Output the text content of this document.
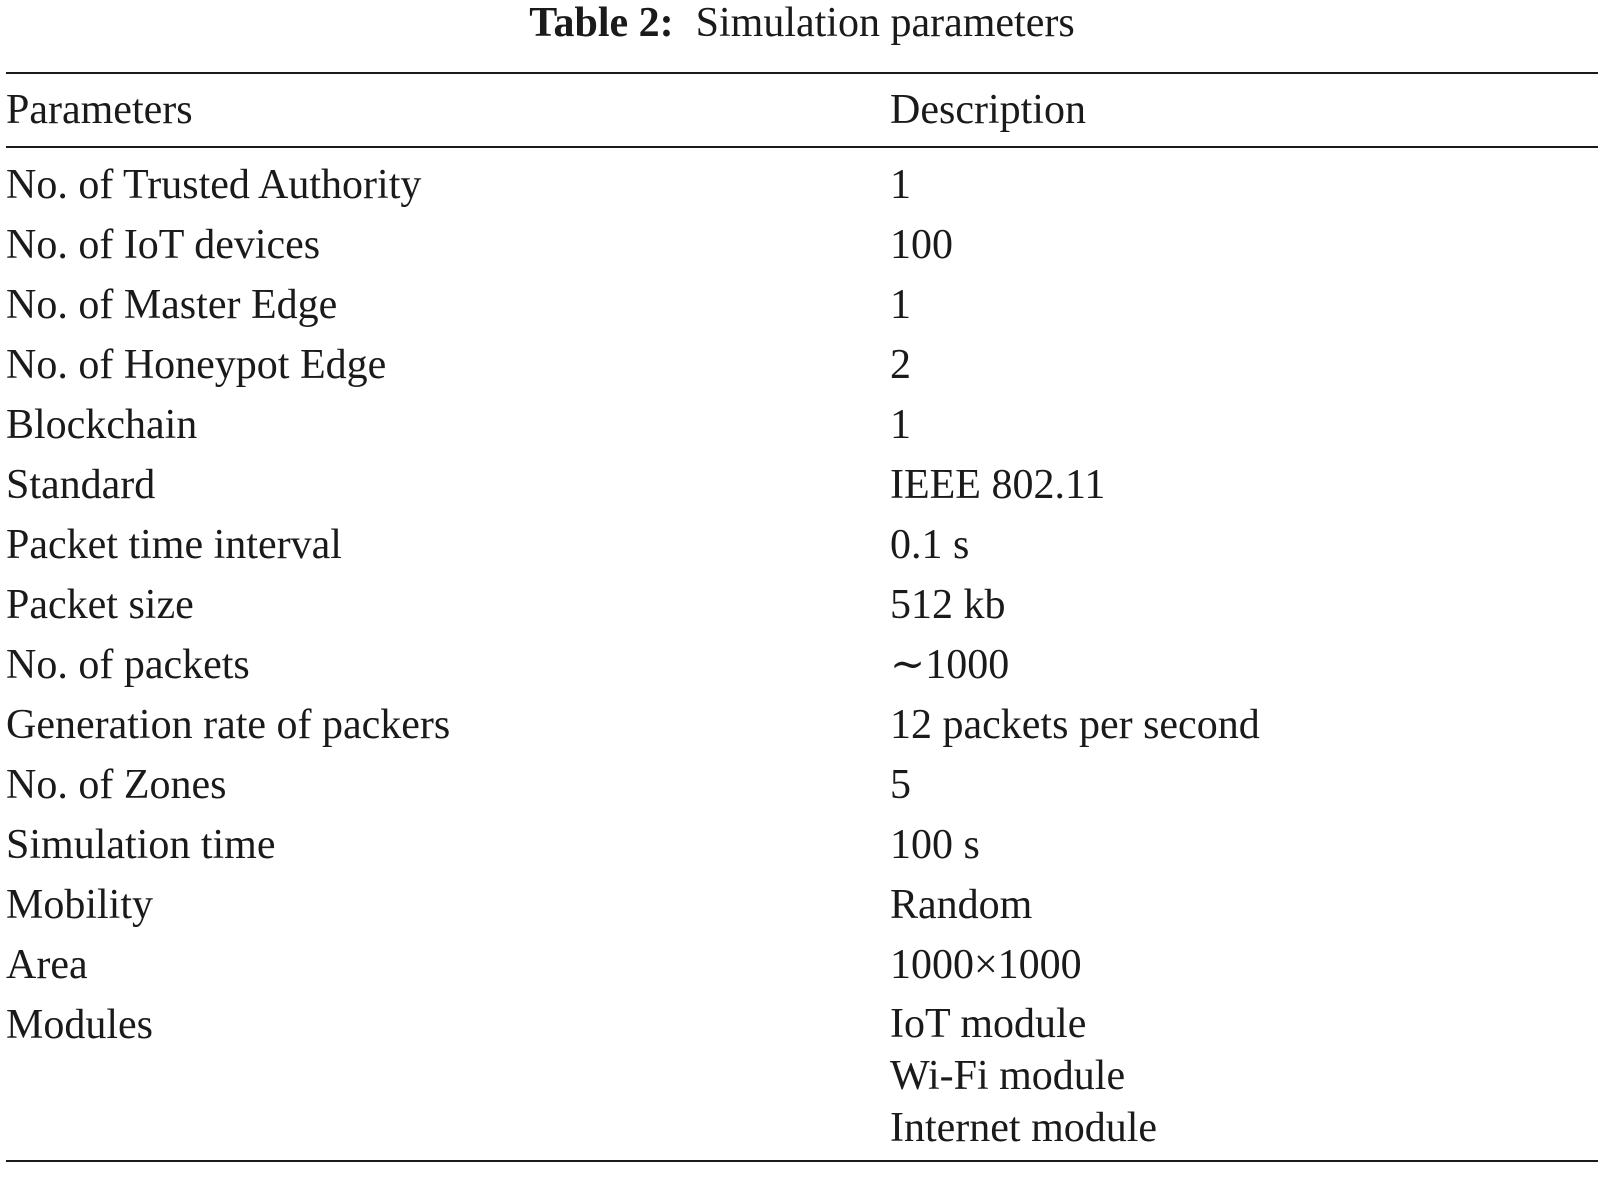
Table 2: Simulation parameters
Parameters	Description
No. of Trusted Authority	1
No. of IoT devices	100
No. of Master Edge	1
No. of Honeypot Edge	2
Blockchain	1
Standard	IEEE 802.11
Packet time interval	0.1 s
Packet size	512 kb
No. of packets	∼1000
Generation rate of packers	12 packets per second
No. of Zones	5
Simulation time	100 s
Mobility	Random
Area	1000×1000
Modules	IoT module
Wi-Fi module
Internet module
